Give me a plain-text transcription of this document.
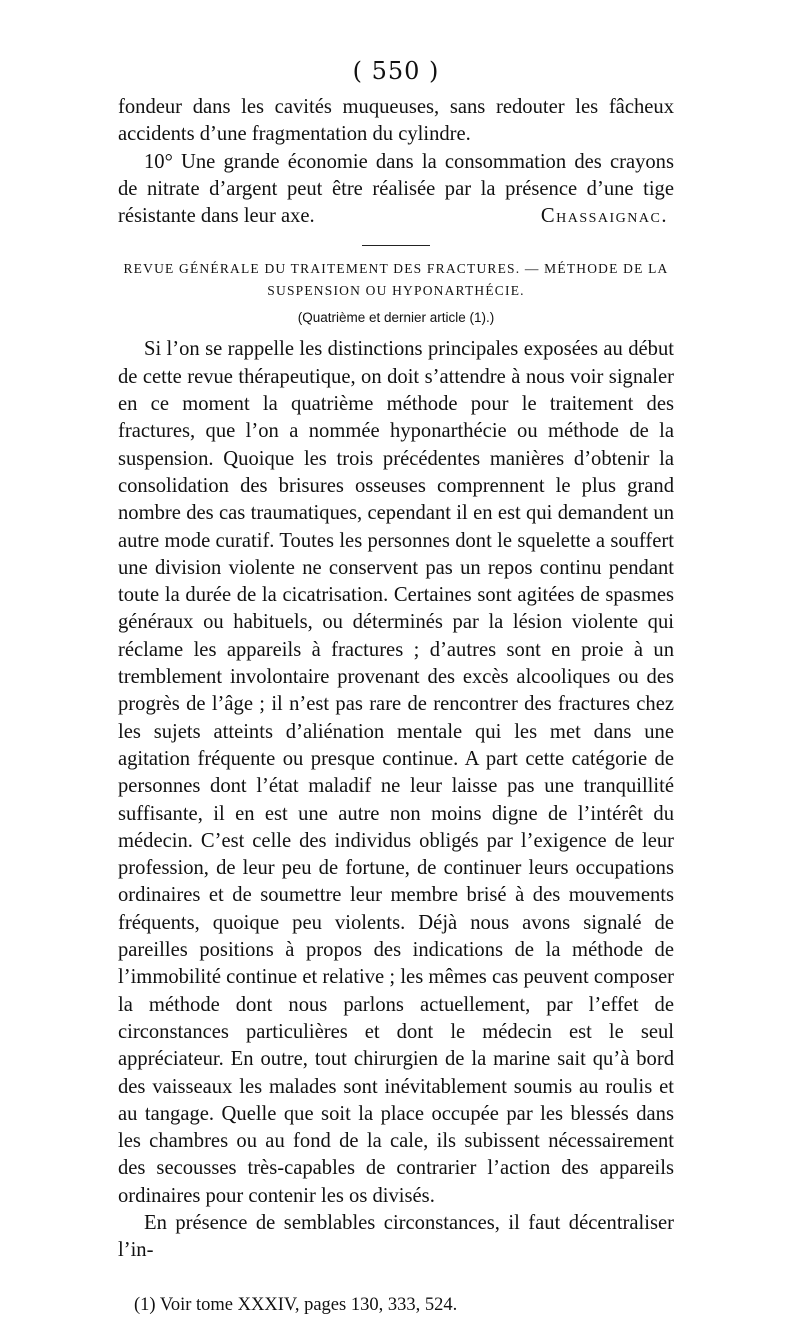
( 550 )

fondeur dans les cavités muqueuses, sans redouter les fâcheux accidents d’une fragmentation du cylindre.

10° Une grande économie dans la consommation des crayons de nitrate d’argent peut être réalisée par la présence d’une tige résistante dans leur axe.	Chassaignac.

REVUE GÉNÉRALE DU TRAITEMENT DES FRACTURES. — MÉTHODE DE LA SUSPENSION OU HYPONARTHÉCIE.

(Quatrième et dernier article (1).)

Si l’on se rappelle les distinctions principales exposées au début de cette revue thérapeutique, on doit s’attendre à nous voir signaler en ce moment la quatrième méthode pour le traitement des fractures, que l’on a nommée hyponarthécie ou méthode de la suspension. Quoique les trois précédentes manières d’obtenir la consolidation des brisures osseuses comprennent le plus grand nombre des cas traumatiques, cependant il en est qui demandent un autre mode curatif. Toutes les personnes dont le squelette a souffert une division violente ne conservent pas un repos continu pendant toute la durée de la cicatrisation. Certaines sont agitées de spasmes généraux ou habituels, ou déterminés par la lésion violente qui réclame les appareils à fractures ; d’autres sont en proie à un tremblement involontaire provenant des excès alcooliques ou des progrès de l’âge ; il n’est pas rare de rencontrer des fractures chez les sujets atteints d’aliénation mentale qui les met dans une agitation fréquente ou presque continue. A part cette catégorie de personnes dont l’état maladif ne leur laisse pas une tranquillité suffisante, il en est une autre non moins digne de l’intérêt du médecin. C’est celle des individus obligés par l’exigence de leur profession, de leur peu de fortune, de continuer leurs occupations ordinaires et de soumettre leur membre brisé à des mouvements fréquents, quoique peu violents. Déjà nous avons signalé de pareilles positions à propos des indications de la méthode de l’immobilité continue et relative ; les mêmes cas peuvent composer la méthode dont nous parlons actuellement, par l’effet de circonstances particulières et dont le médecin est le seul appréciateur. En outre, tout chirurgien de la marine sait qu’à bord des vaisseaux les malades sont inévitablement soumis au roulis et au tangage. Quelle que soit la place occupée par les blessés dans les chambres ou au fond de la cale, ils subissent nécessairement des secousses très-capables de contrarier l’action des appareils ordinaires pour contenir les os divisés.

En présence de semblables circonstances, il faut décentraliser l’in-

(1) Voir tome XXXIV, pages 130, 333, 524.
